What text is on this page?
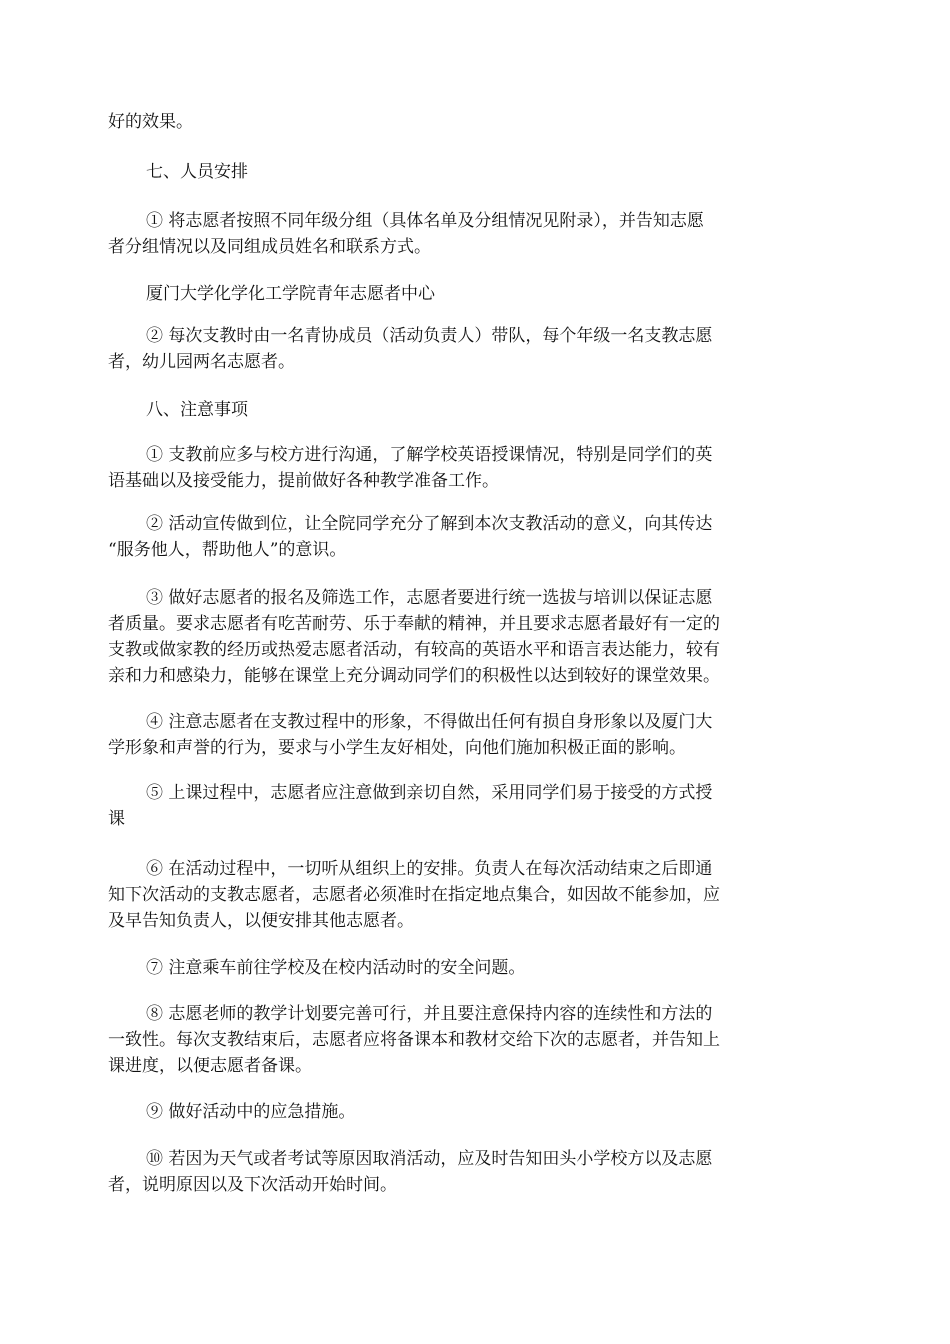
好的效果。
七、人员安排
① 将志愿者按照不同年级分组（具体名单及分组情况见附录），并告知志愿
者分组情况以及同组成员姓名和联系方式。
厦门大学化学化工学院青年志愿者中心
② 每次支教时由一名青协成员（活动负责人）带队，每个年级一名支教志愿
者，幼儿园两名志愿者。
八、注意事项
① 支教前应多与校方进行沟通，了解学校英语授课情况，特别是同学们的英
语基础以及接受能力，提前做好各种教学准备工作。
② 活动宣传做到位，让全院同学充分了解到本次支教活动的意义，向其传达
“服务他人，帮助他人”的意识。
③ 做好志愿者的报名及筛选工作，志愿者要进行统一选拔与培训以保证志愿
者质量。要求志愿者有吃苦耐劳、乐于奉献的精神，并且要求志愿者最好有一定的
支教或做家教的经历或热爱志愿者活动，有较高的英语水平和语言表达能力，较有
亲和力和感染力，能够在课堂上充分调动同学们的积极性以达到较好的课堂效果。
④ 注意志愿者在支教过程中的形象，不得做出任何有损自身形象以及厦门大
学形象和声誉的行为，要求与小学生友好相处，向他们施加积极正面的影响。
⑤ 上课过程中，志愿者应注意做到亲切自然，采用同学们易于接受的方式授
课
⑥ 在活动过程中，一切听从组织上的安排。负责人在每次活动结束之后即通
知下次活动的支教志愿者，志愿者必须准时在指定地点集合，如因故不能参加，应
及早告知负责人，以便安排其他志愿者。
⑦ 注意乘车前往学校及在校内活动时的安全问题。
⑧ 志愿老师的教学计划要完善可行，并且要注意保持内容的连续性和方法的
一致性。每次支教结束后，志愿者应将备课本和教材交给下次的志愿者，并告知上
课进度，以便志愿者备课。
⑨ 做好活动中的应急措施。
⑩ 若因为天气或者考试等原因取消活动，应及时告知田头小学校方以及志愿
者，说明原因以及下次活动开始时间。
